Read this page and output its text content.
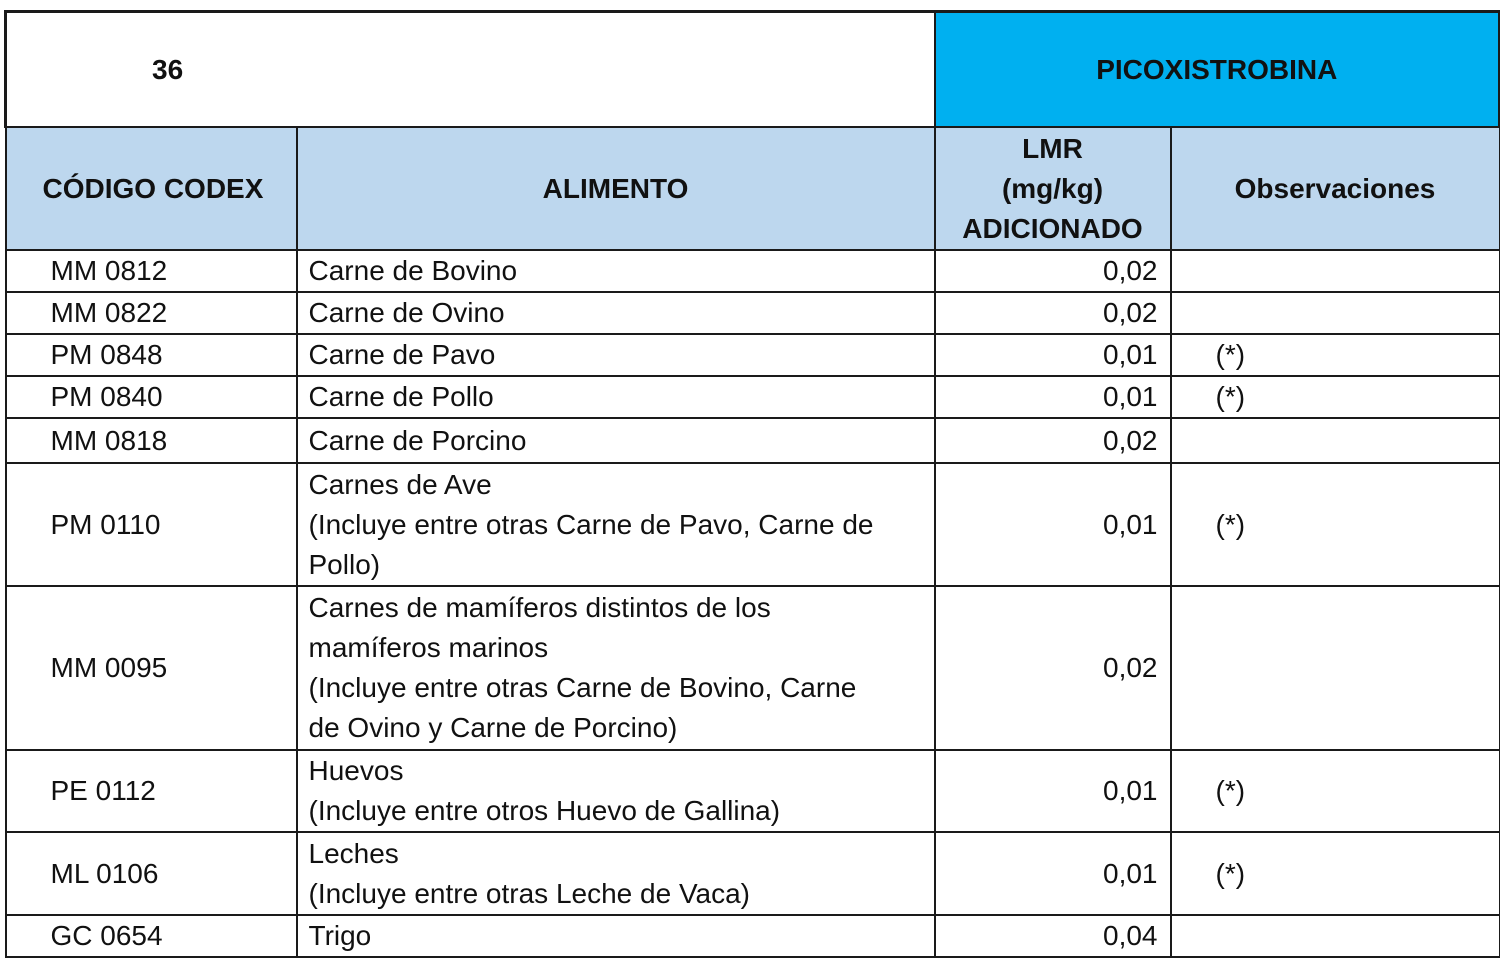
36		PICOXISTROBINA	
CÓDIGO CODEX	ALIMENTO	LMR
(mg/kg)
ADICIONADO	Observaciones
MM 0812	Carne de Bovino	0,02	
MM 0822	Carne de Ovino	0,02	
PM 0848	Carne de Pavo	0,01	(*)
PM 0840	Carne de Pollo	0,01	(*)
MM 0818	Carne de Porcino	0,02	
PM 0110	Carnes de Ave
(Incluye entre otras Carne de Pavo, Carne de
Pollo)	0,01	(*)
MM 0095	Carnes de mamíferos distintos de los
mamíferos marinos
(Incluye entre otras Carne de Bovino, Carne
de Ovino y Carne de Porcino)	0,02	
PE 0112	Huevos
(Incluye entre otros Huevo de Gallina)	0,01	(*)
ML 0106	Leches
(Incluye entre otras Leche de Vaca)	0,01	(*)
GC 0654	Trigo	0,04	
